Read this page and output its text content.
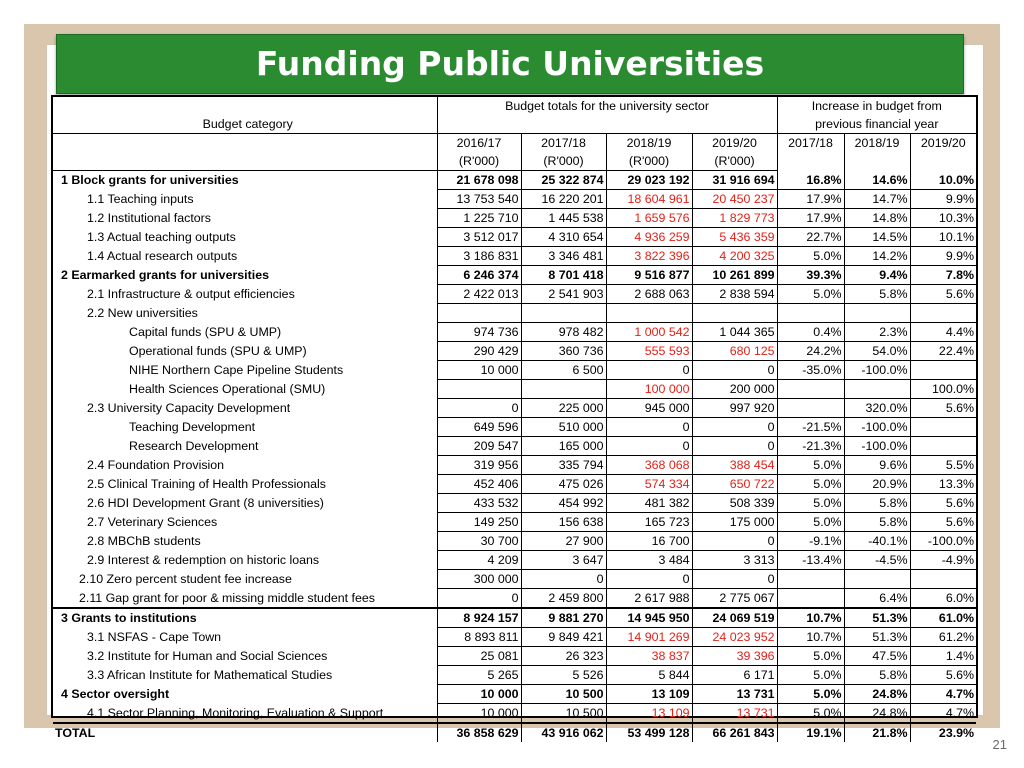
Funding Public Universities
	Budget totals for the university sector				Increase in budget from		
Budget category					previous financial year		
	2016/17	2017/18	2018/19	2019/20	2017/18	2018/19	2019/20
	(R'000)	(R'000)	(R'000)	(R'000)			
1 Block grants for universities	21 678 098	25 322 874	29 023 192	31 916 694	16.8%	14.6%	10.0%
1.1 Teaching inputs	13 753 540	16 220 201	18 604 961	20 450 237	17.9%	14.7%	9.9%
1.2 Institutional factors	1 225 710	1 445 538	1 659 576	1 829 773	17.9%	14.8%	10.3%
1.3 Actual teaching outputs	3 512 017	4 310 654	4 936 259	5 436 359	22.7%	14.5%	10.1%
1.4 Actual research outputs	3 186 831	3 346 481	3 822 396	4 200 325	5.0%	14.2%	9.9%
2 Earmarked grants for universities	6 246 374	8 701 418	9 516 877	10 261 899	39.3%	9.4%	7.8%
2.1 Infrastructure & output efficiencies	2 422 013	2 541 903	2 688 063	2 838 594	5.0%	5.8%	5.6%
2.2 New universities							
Capital funds (SPU & UMP)	974 736	978 482	1 000 542	1 044 365	0.4%	2.3%	4.4%
Operational funds (SPU & UMP)	290 429	360 736	555 593	680 125	24.2%	54.0%	22.4%
NIHE Northern Cape Pipeline Students	10 000	6 500	0	0	-35.0%	-100.0%	
Health Sciences Operational (SMU)			100 000	200 000			100.0%
2.3 University Capacity Development	0	225 000	945 000	997 920		320.0%	5.6%
Teaching Development	649 596	510 000	0	0	-21.5%	-100.0%	
Research Development	209 547	165 000	0	0	-21.3%	-100.0%	
2.4 Foundation Provision	319 956	335 794	368 068	388 454	5.0%	9.6%	5.5%
2.5 Clinical Training of Health Professionals	452 406	475 026	574 334	650 722	5.0%	20.9%	13.3%
2.6 HDI Development Grant (8 universities)	433 532	454 992	481 382	508 339	5.0%	5.8%	5.6%
2.7 Veterinary Sciences	149 250	156 638	165 723	175 000	5.0%	5.8%	5.6%
2.8 MBChB students	30 700	27 900	16 700	0	-9.1%	-40.1%	-100.0%
2.9 Interest & redemption on historic loans	4 209	3 647	3 484	3 313	-13.4%	-4.5%	-4.9%
2.10 Zero percent student fee increase	300 000	0	0	0			
2.11 Gap grant for poor & missing middle student fees	0	2 459 800	2 617 988	2 775 067		6.4%	6.0%
3 Grants to institutions	8 924 157	9 881 270	14 945 950	24 069 519	10.7%	51.3%	61.0%
3.1 NSFAS - Cape Town	8 893 811	9 849 421	14 901 269	24 023 952	10.7%	51.3%	61.2%
3.2 Institute for Human and Social Sciences	25 081	26 323	38 837	39 396	5.0%	47.5%	1.4%
3.3 African Institute for Mathematical Studies	5 265	5 526	5 844	6 171	5.0%	5.8%	5.6%
4 Sector oversight	10 000	10 500	13 109	13 731	5.0%	24.8%	4.7%
4.1 Sector Planning, Monitoring, Evaluation & Support	10 000	10 500	13 109	13 731	5.0%	24.8%	4.7%
TOTAL	36 858 629	43 916 062	53 499 128	66 261 843	19.1%	21.8%	23.9%
21
